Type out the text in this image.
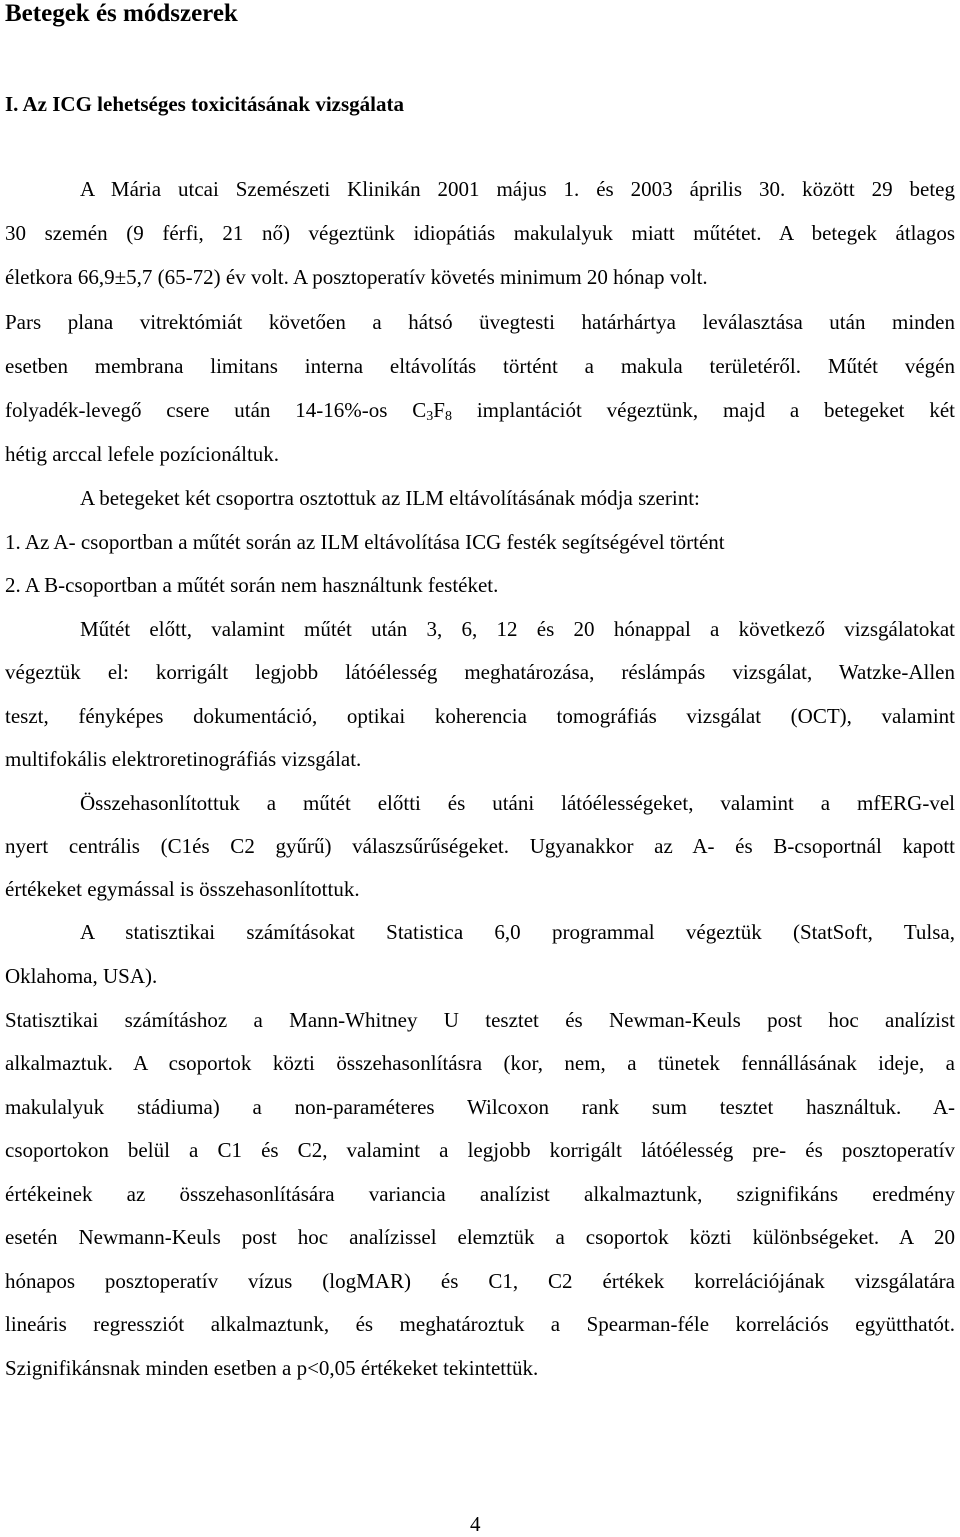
Betegek és módszerek
I. Az ICG lehetséges toxicitásának vizsgálata
A Mária utcai Szemészeti Klinikán 2001 május 1. és 2003 április 30. között 29 beteg
30 szemén (9 férfi, 21 nő) végeztünk idiopátiás makulalyuk miatt műtétet. A betegek átlagos
életkora 66,9±5,7 (65-72) év volt. A posztoperatív követés minimum 20 hónap volt.
Pars plana vitrektómiát követően a hátsó üvegtesti határhártya leválasztása után minden
esetben membrana limitans interna eltávolítás történt a makula területéről. Műtét végén
folyadék-levegő csere után 14-16%-os $C_3F_8$ implantációt végeztünk, majd a betegeket két
hétig arccal lefele pozícionáltuk.
A betegeket két csoportra osztottuk az ILM eltávolításának módja szerint:
1. Az A- csoportban a műtét során az ILM eltávolítása ICG festék segítségével történt
2. A B-csoportban a műtét során nem használtunk festéket.
Műtét előtt, valamint műtét után 3, 6, 12 és 20 hónappal a következő vizsgálatokat
végeztük el: korrigált legjobb látóélesség meghatározása, réslámpás vizsgálat, Watzke-Allen
teszt, fényképes dokumentáció, optikai koherencia tomográfiás vizsgálat (OCT), valamint
multifokális elektroretinográfiás vizsgálat.
Összehasonlítottuk a műtét előtti és utáni látóélességeket, valamint a mfERG-vel
nyert centrális (C1és C2 gyűrű) válaszsűrűségeket. Ugyanakkor az A- és B-csoportnál kapott
értékeket egymással is összehasonlítottuk.
A statisztikai számításokat Statistica 6,0 programmal végeztük (StatSoft, Tulsa,
Oklahoma, USA).
Statisztikai számításhoz a Mann-Whitney U tesztet és Newman-Keuls post hoc analízist
alkalmaztuk. A csoportok közti összehasonlításra (kor, nem, a tünetek fennállásának ideje, a
makulalyuk stádiuma) a non-paraméteres Wilcoxon rank sum tesztet használtuk. A-
csoportokon belül a C1 és C2, valamint a legjobb korrigált látóélesség pre- és posztoperatív
értékeinek az összehasonlítására variancia analízist alkalmaztunk, szignifikáns eredmény
esetén Newmann-Keuls post hoc analízissel elemztük a csoportok közti különbségeket. A 20
hónapos posztoperatív vízus (logMAR) és C1, C2 értékek korrelációjának vizsgálatára
lineáris regressziót alkalmaztunk, és meghatároztuk a Spearman-féle korrelációs együtthatót.
Szignifikánsnak minden esetben a p<0,05 értékeket tekintettük.
4
